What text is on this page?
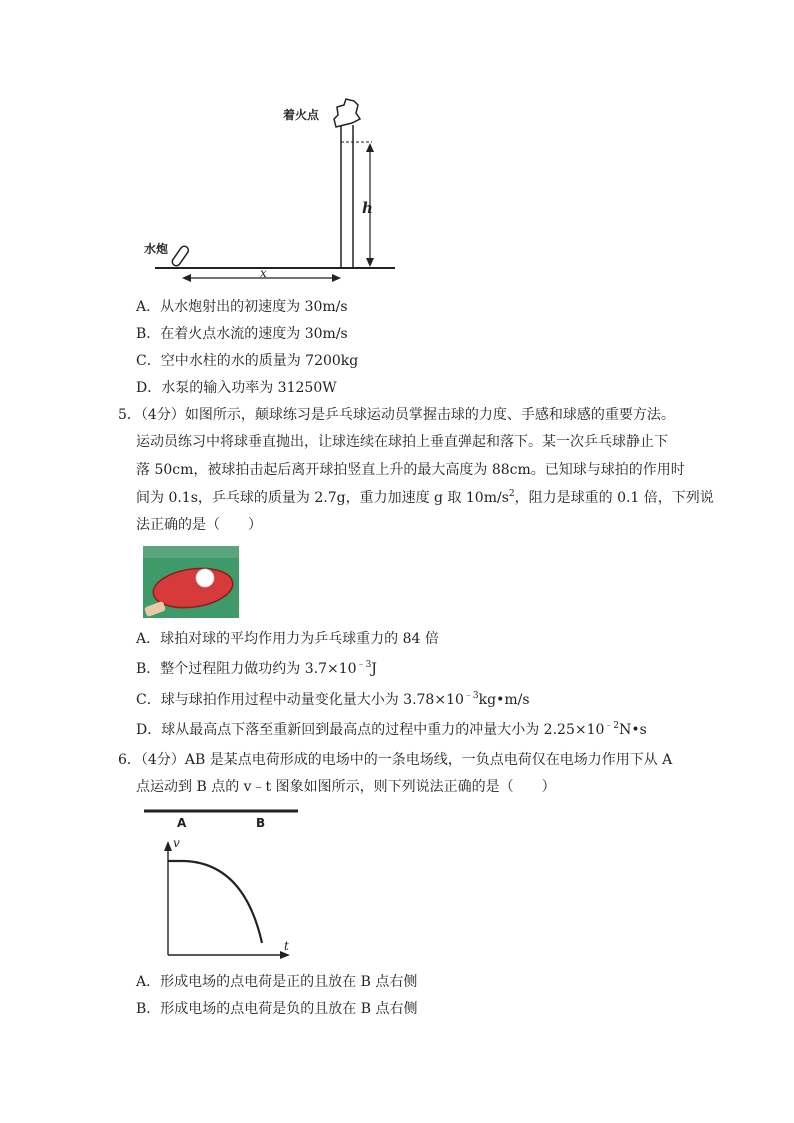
着火点
水炮
h
x
A．从水炮射出的初速度为 30m/s
B．在着火点水流的速度为 30m/s
C．空中水柱的水的质量为 7200kg
D．水泵的输入功率为 31250W
5．（4分）如图所示，颠球练习是乒乓球运动员掌握击球的力度、手感和球感的重要方法。
运动员练习中将球垂直抛出，让球连续在球拍上垂直弹起和落下。某一次乒乓球静止下
落 50cm，被球拍击起后离开球拍竖直上升的最大高度为 88cm。已知球与球拍的作用时
间为 0.1s，乒乓球的质量为 2.7g，重力加速度 g 取 $10m/s^2$，阻力是球重的 0.1 倍，下列说
法正确的是（　　）
A．球拍对球的平均作用力为乒乓球重力的 84 倍
B．整个过程阻力做功约为 $3.7\times 10^{﹣3}J$
C．球与球拍作用过程中动量变化量大小为 $3.78\times 10^{﹣3}kg•m/s$
D．球从最高点下落至重新回到最高点的过程中重力的冲量大小为 $2.25\times 10^{﹣2}N•s$
6．（4分）AB 是某点电荷形成的电场中的一条电场线，一负点电荷仅在电场力作用下从 A
点运动到 B 点的 v﹣t 图象如图所示，则下列说法正确的是（　　）
A	B
v
t
A．形成电场的点电荷是正的且放在 B 点右侧
B．形成电场的点电荷是负的且放在 B 点右侧
